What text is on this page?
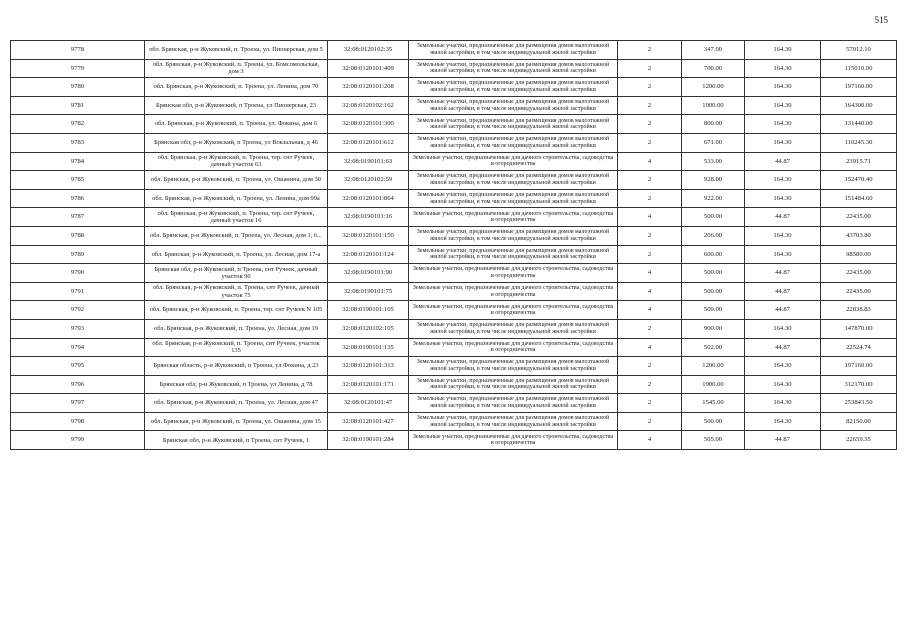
515
9778	обл. Брянская, р-н Жуковский, п. Троена, ул. Пионерская, дом 5	32:08:0120102:35	Земельные участки, предназначенные для размещения домов малоэтажной жилой застройки, в том числе индивидуальной жилой застройки	2	347.00	164.30	57012.10
9779	обл. Брянская, р-н Жуковский, п. Троена, ул. Комсомольская, дом 3	32:08:0120101:409	Земельные участки, предназначенные для размещения домов малоэтажной жилой застройки, в том числе индивидуальной жилой застройки	2	700.00	164.30	115010.00
9780	обл. Брянская, р-н Жуковский, п. Троена, ул. Ленина, дом 70	32:08:0120101:208	Земельные участки, предназначенные для размещения домов малоэтажной жилой застройки, в том числе индивидуальной жилой застройки	2	1200.00	164.30	197160.00
9781	Брянская обл, р-н Жуковский, п Троена, ул Пионерская, 23	32:08:0120102:162	Земельные участки, предназначенные для размещения домов малоэтажной жилой застройки, в том числе индивидуальной жилой застройки	2	1000.00	164.30	164300.00
9782	обл. Брянская, р-н Жуковский, п. Троена, ул. Фокина, дом 6	32:08:0120101:300	Земельные участки, предназначенные для размещения домов малоэтажной жилой застройки, в том числе индивидуальной жилой застройки	2	800.00	164.30	131440.00
9783	Брянская обл, р-н Жуковский, п Троена, ул Вокзальная, д 46	32:08:0120101:612	Земельные участки, предназначенные для размещения домов малоэтажной жилой застройки, в том числе индивидуальной жилой застройки	2	671.00	164.30	110245.30
9784	обл. Брянская, р-н Жуковский, п. Троена, тер. снт Ручеек, дачный участок 63	32:08:0190101:63	Земельные участки, предназначенные для дачного строительства, садоводства и огородничества	4	533.00	44.87	23915.71
9785	обл. Брянская, р-н Жуковский, п. Троена, ул. Ошанина, дом 30	32:08:0120102:59	Земельные участки, предназначенные для размещения домов малоэтажной жилой застройки, в том числе индивидуальной жилой застройки	2	928.00	164.30	152470.40
9786	обл. Брянская, р-н Жуковский, п. Троена, ул. Ленина, дом 99а	32:08:0120101:864	Земельные участки, предназначенные для размещения домов малоэтажной жилой застройки, в том числе индивидуальной жилой застройки	2	922.00	164.30	151484.60
9787	обл. Брянская, р-н Жуковский, п. Троена, тер. снт Ручеек, дачный участок 16	32:08:0190101:16	Земельные участки, предназначенные для дачного строительства, садоводства и огородничества	4	500.00	44.87	22435.00
9788	обл. Брянская, р-н Жуковский, п. Троена, ул. Лесная, дом 1, 6...	32:08:0120101:150	Земельные участки, предназначенные для размещения домов малоэтажной жилой застройки, в том числе индивидуальной жилой застройки	2	266.00	164.30	43703.80
9789	обл. Брянская, р-н Жуковский, п. Троена, ул. Лесная, дом 17-а	32:08:0120101:124	Земельные участки, предназначенные для размещения домов малоэтажной жилой застройки, в том числе индивидуальной жилой застройки	2	600.00	164.30	98580.00
9790	Брянская обл, р-н Жуковский, п Троена, снт Ручеек, дачный участок 90	32:08:0190101:90	Земельные участки, предназначенные для дачного строительства, садоводства и огородничества	4	500.00	44.87	22435.00
9791	обл. Брянская, р-н Жуковский, п. Троена, снт Ручеек, дачный участок 75	32:08:0190101:75	Земельные участки, предназначенные для дачного строительства, садоводства и огородничества	4	500.00	44.87	22435.00
9792	обл. Брянская, р-н Жуковский, п. Троена, тер. снт Ручеек N 105	32:08:0190101:105	Земельные участки, предназначенные для дачного строительства, садоводства и огородничества	4	509.00	44.87	22838.83
9793	обл. Брянская, р-н Жуковский, п. Троена, ул. Лесная, дом 19	32:08:0120102:105	Земельные участки, предназначенные для размещения домов малоэтажной жилой застройки, в том числе индивидуальной жилой застройки	2	900.00	164.30	147870.00
9794	обл. Брянская, р-н Жуковский, п. Троена, снт Ручеек, участок 135	32:08:0190101:135	Земельные участки, предназначенные для дачного строительства, садоводства и огородничества	4	502.00	44.87	22524.74
9795	Брянская область, р-н Жуковский, п Троена, ул Фокина, д 23	32:08:0120101:313	Земельные участки, предназначенные для размещения домов малоэтажной жилой застройки, в том числе индивидуальной жилой застройки	2	1200.00	164.30	197160.00
9796	Брянская обл, р-н Жуковский, п Троена, ул Ленина, д 78	32:08:0120101:171	Земельные участки, предназначенные для размещения домов малоэтажной жилой застройки, в том числе индивидуальной жилой застройки	2	1900.00	164.30	312170.00
9797	обл. Брянская, р-н Жуковский, п. Троена, ул. Лесная, дом 47	32:08:0120101:47	Земельные участки, предназначенные для размещения домов малоэтажной жилой застройки, в том числе индивидуальной жилой застройки	2	1545.00	164.30	253843.50
9798	обл. Брянская, р-н Жуковский, п. Троена, ул. Ошанина, дом 15	32:08:0120101:427	Земельные участки, предназначенные для размещения домов малоэтажной жилой застройки, в том числе индивидуальной жилой застройки	2	500.00	164.30	82150.00
9799	Брянская обл, р-н Жуковский, п Троена, снт Ручеек, 1	32:08:0190101:284	Земельные участки, предназначенные для дачного строительства, садоводства и огородничества	4	505.00	44.87	22659.35
